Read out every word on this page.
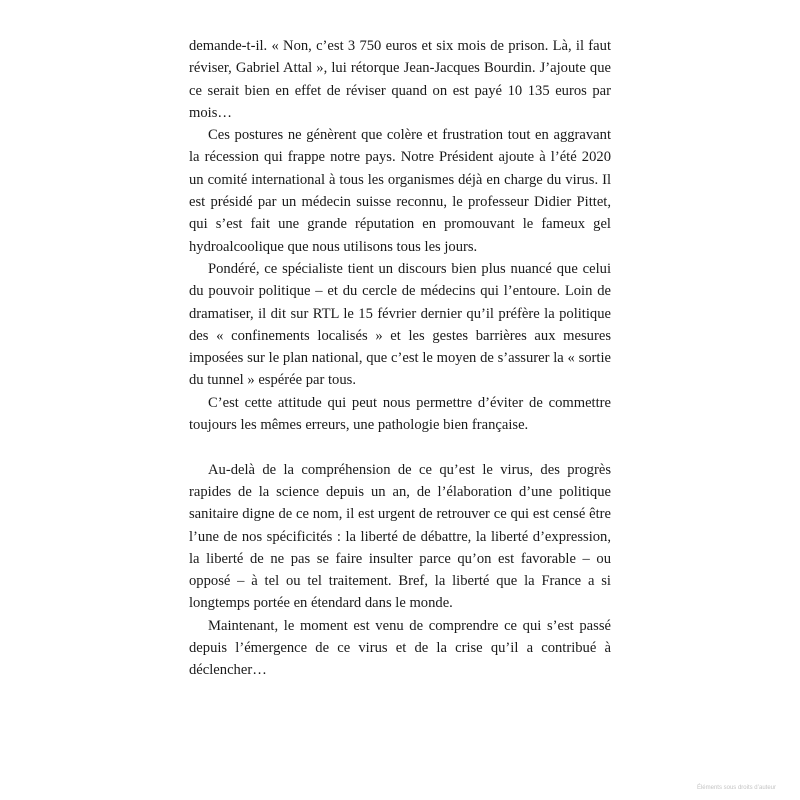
demande-t-il. « Non, c’est 3 750 euros et six mois de prison. Là, il faut réviser, Gabriel Attal », lui rétorque Jean-Jacques Bourdin. J’ajoute que ce serait bien en effet de réviser quand on est payé 10 135 euros par mois…

Ces postures ne génèrent que colère et frustration tout en aggravant la récession qui frappe notre pays. Notre Président ajoute à l’été 2020 un comité international à tous les organismes déjà en charge du virus. Il est présidé par un médecin suisse reconnu, le professeur Didier Pittet, qui s’est fait une grande réputation en promouvant le fameux gel hydroalcoolique que nous utilisons tous les jours.

Pondéré, ce spécialiste tient un discours bien plus nuancé que celui du pouvoir politique – et du cercle de médecins qui l’entoure. Loin de dramatiser, il dit sur RTL le 15 février dernier qu’il préfère la politique des « confinements localisés » et les gestes barrières aux mesures imposées sur le plan national, que c’est le moyen de s’assurer la « sortie du tunnel » espérée par tous.

C’est cette attitude qui peut nous permettre d’éviter de commettre toujours les mêmes erreurs, une pathologie bien française.

Au-delà de la compréhension de ce qu’est le virus, des progrès rapides de la science depuis un an, de l’élaboration d’une politique sanitaire digne de ce nom, il est urgent de retrouver ce qui est censé être l’une de nos spécificités : la liberté de débattre, la liberté d’expression, la liberté de ne pas se faire insulter parce qu’on est favorable – ou opposé – à tel ou tel traitement. Bref, la liberté que la France a si longtemps portée en étendard dans le monde.

Maintenant, le moment est venu de comprendre ce qui s’est passé depuis l’émergence de ce virus et de la crise qu’il a contribué à déclencher…

Éléments sous droits d’auteur
